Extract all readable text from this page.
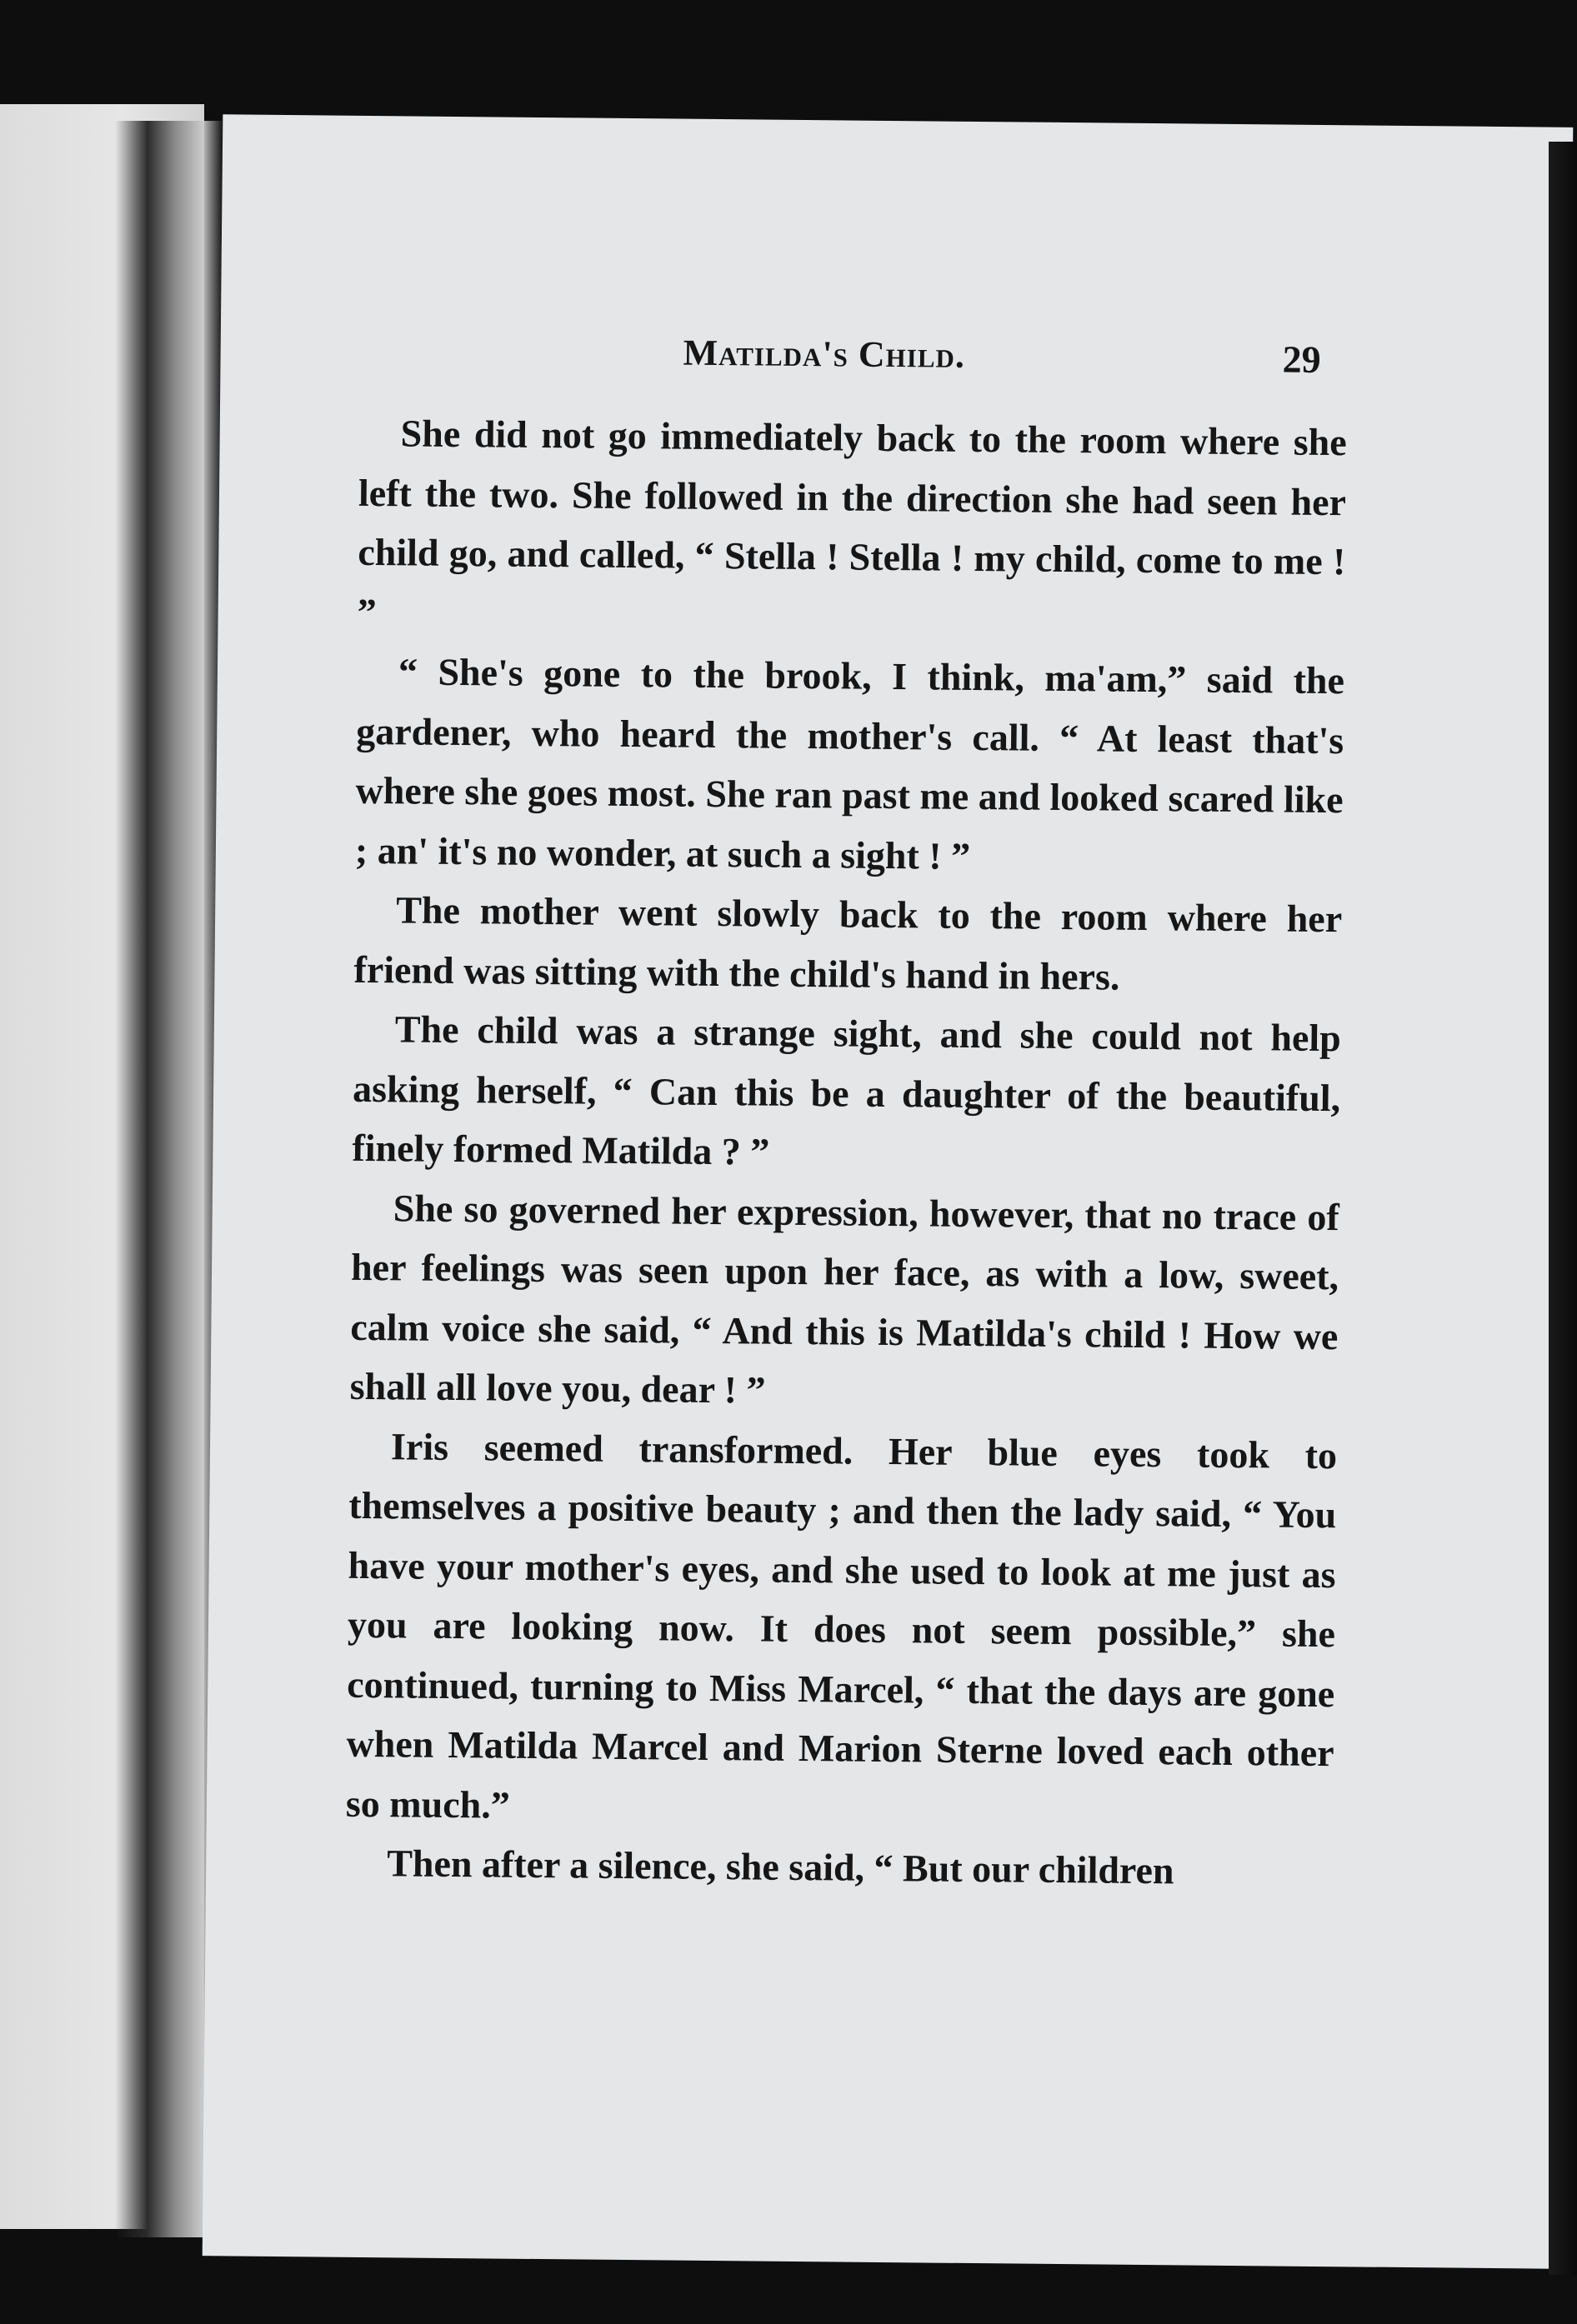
Matilda's Child.	29

She did not go immediately back to the room where she left the two. She followed in the direction she had seen her child go, and called, “ Stella ! Stella ! my child, come to me ! ”

“ She's gone to the brook, I think, ma'am,” said the gardener, who heard the mother's call. “ At least that's where she goes most. She ran past me and looked scared like ; an' it's no wonder, at such a sight ! ”

The mother went slowly back to the room where her friend was sitting with the child's hand in hers.

The child was a strange sight, and she could not help asking herself, “ Can this be a daughter of the beautiful, finely formed Matilda ? ”

She so governed her expression, however, that no trace of her feelings was seen upon her face, as with a low, sweet, calm voice she said, “ And this is Matilda's child ! How we shall all love you, dear ! ”

Iris seemed transformed. Her blue eyes took to themselves a positive beauty ; and then the lady said, “ You have your mother's eyes, and she used to look at me just as you are looking now. It does not seem possible,” she continued, turning to Miss Marcel, “ that the days are gone when Matilda Marcel and Marion Sterne loved each other so much.”

Then after a silence, she said, “ But our children
